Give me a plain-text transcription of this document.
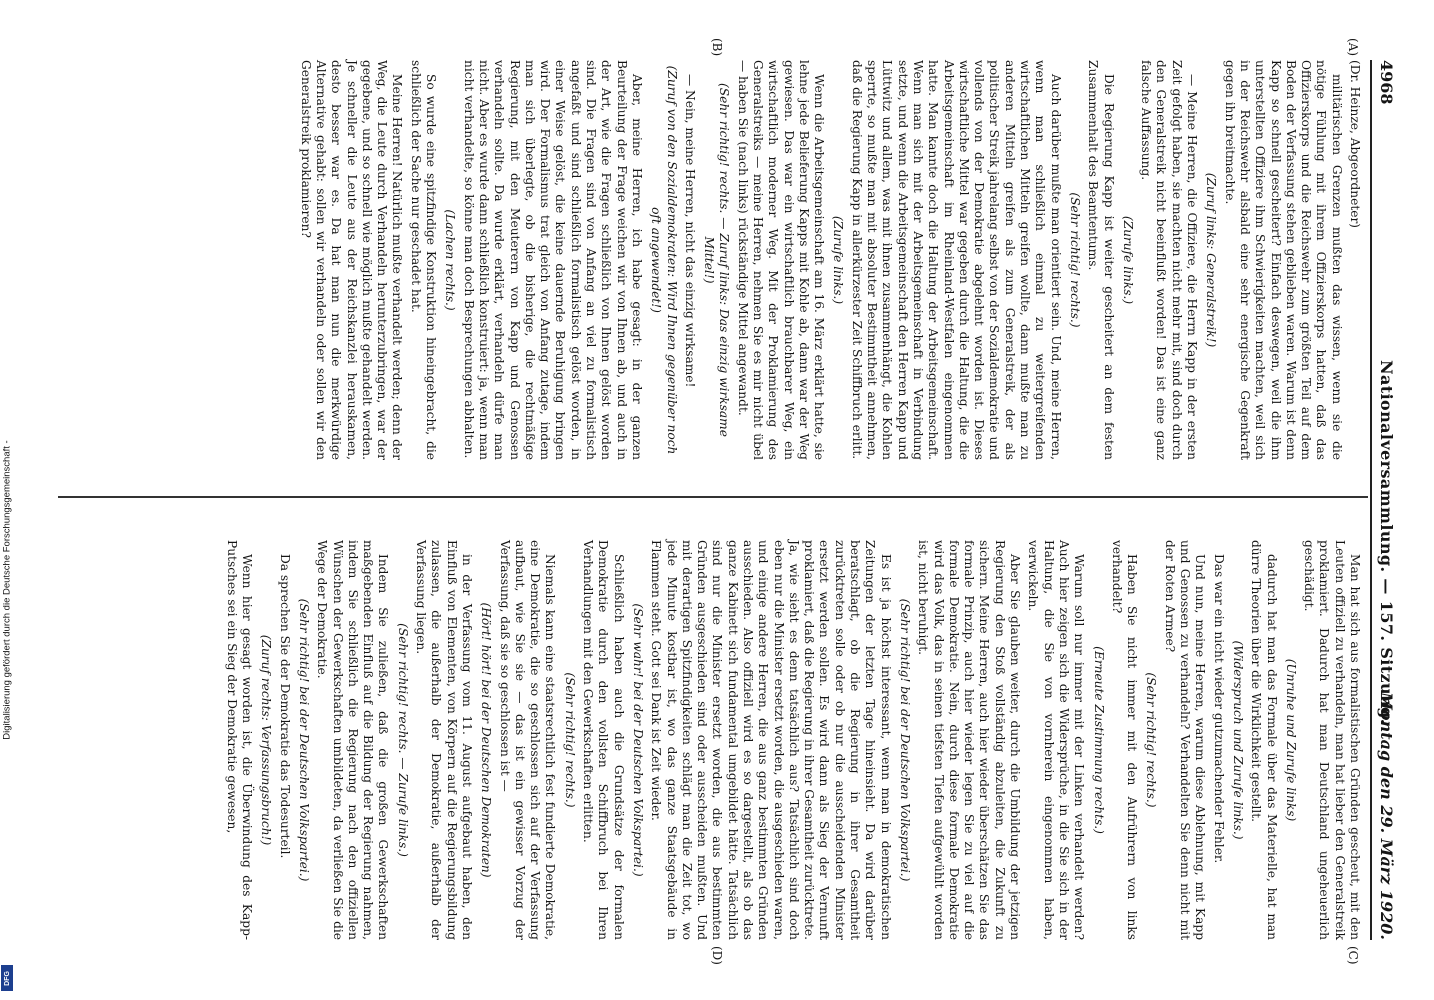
Digitalisierung gefördert durch die Deutsche Forschungsgemeinschaft -
DFG
4968
Nationalversammlung. — 157. Sitzung.
Montag den 29. März 1920.
(A)
(B)
(C)
(D)

(Dr. Heinze, Abgeordneter)

militärischen Grenzen mußten das wissen, wenn sie die nötige Fühlung mit ihrem Offizierskorps hatten, daß das Offizierskorps und die Reichswehr zum größten Teil auf dem Boden der Verfassung stehen geblieben waren. Warum ist denn Kapp so schnell gescheitert? Einfach deswegen, weil die ihm unterstellten Offiziere ihm Schwierigkeiten machten, weil sich in der Reichswehr alsbald eine sehr energische Gegenkraft gegen ihn breitmachte.

(Zuruf links: Generalstreik!)

— Meine Herren, die Offiziere, die Herrn Kapp in der ersten Zeit gefolgt haben, sie machten nicht mehr mit, sind doch durch den Generalstreik nicht beeinflußt worden! Das ist eine ganz falsche Auffassung.

(Zurufe links.)

Die Regierung Kapp ist weiter gescheitert an dem festen Zusammenhalt des Beamtentums.

(Sehr richtig! rechts.)

Auch darüber mußte man orientiert sein. Und, meine Herren, wenn man schließlich einmal zu weitergreifenden wirtschaftlichen Mitteln greifen wollte, dann mußte man zu anderen Mitteln greifen als zum Generalstreik, der als politischer Streik jahrelang selbst von der Sozialdemokratie und vollends von der Demokratie abgelehnt worden ist. Dieses wirtschaftliche Mittel war gegeben durch die Haltung, die die Arbeitsgemeinschaft im Rheinland-Westfalen eingenommen hatte. Man kannte doch die Haltung der Arbeitsgemeinschaft. Wenn man sich mit der Arbeitsgemeinschaft in Verbindung setzte, und wenn die Arbeitsgemeinschaft den Herren Kapp und Lüttwitz und allem, was mit ihnen zusammenhängt, die Kohlen sperrte, so mußte man mit absoluter Bestimmtheit annehmen, daß die Regierung Kapp in allerkürzester Zeit Schiffbruch erlitt.

(Zurufe links.)

Wenn die Arbeitsgemeinschaft am 16. März erklärt hatte, sie lehne jede Belieferung Kapps mit Kohle ab, dann war der Weg gewiesen. Das war ein wirtschaftlich brauchbarer Weg, ein wirtschaftlich moderner Weg. Mit der Proklamierung des Generalstreiks — meine Herren, nehmen Sie es mir nicht übel — haben Sie (nach links) rückständige Mittel angewandt.

(Sehr richtig! rechts. — Zuruf links: Das einzig wirksame Mittel!)

— Nein, meine Herren, nicht das einzig wirksame!

(Zuruf von den Sozialdemokraten: Wird Ihnen gegenüber noch oft angewendet!)

Aber, meine Herren, ich habe gesagt: in der ganzen Beurteilung der Frage weichen wir von Ihnen ab, und auch in der Art, wie die Fragen schließlich von Ihnen gelöst worden sind. Die Fragen sind von Anfang an viel zu formalistisch angefaßt und sind schließlich formalistisch gelöst worden, in einer Weise gelöst, die keine dauernde Beruhigung bringen wird. Der Formalismus trat gleich von Anfang zutage, indem man sich überlegte, ob die bisherige, die rechtmäßige Regierung, mit den Meuterern von Kapp und Genossen verhandeln sollte. Da wurde erklärt, verhandeln dürfe man nicht. Aber es wurde dann schließlich konstruiert: ja, wenn man nicht verhandelte, so könne man doch Besprechungen abhalten.

(Lachen rechts.)

So wurde eine spitzfindige Konstruktion hineingebracht, die schließlich der Sache nur geschadet hat.

Meine Herren! Natürlich mußte verhandelt werden; denn der Weg, die Leute durch Verhandeln herunterzubringen, war der gegebene, und so schnell wie möglich mußte gehandelt werden. Je schneller die Leute aus der Reichskanzlei herauskamen, desto besser war es. Da hat man nun die merkwürdige Alternative gehabt: sollen wir verhandeln oder sollen wir den Generalstreik proklamieren?

Man hat sich aus formalistischen Gründen gescheut, mit den Leuten offiziell zu verhandeln, man hat lieber den Generalstreik proklamiert. Dadurch hat man Deutschland ungeheuerlich geschädigt.

(Unruhe und Zurufe links)

dadurch hat man das Formale über das Materielle, hat man dürre Theorien über die Wirklichkeit gestellt.

(Widerspruch und Zurufe links.)

Das war ein nicht wieder gutzumachender Fehler.

Und nun, meine Herren, warum diese Ablehnung, mit Kapp und Genossen zu verhandeln? Verhandelten Sie denn nicht mit der Roten Armee?

(Sehr richtig! rechts.)

Haben Sie nicht immer mit den Aufrührern von links verhandelt?

(Erneute Zustimmung rechts.)

Warum soll nur immer mit der Linken verhandelt werden? Auch hier zeigen sich die Widersprüche, in die Sie sich in der Haltung, die Sie von vornherein eingenommen haben, verwickeln.

Aber Sie glauben weiter, durch die Umbildung der jetzigen Regierung den Stoß vollständig abzuleiten, die Zukunft zu sichern. Meine Herren, auch hier wieder überschätzen Sie das formale Prinzip, auch hier wieder legen Sie zu viel auf die formale Demokratie. Nein, durch diese formale Demokratie wird das Volk, das in seinen tiefsten Tiefen aufgewühlt worden ist, nicht beruhigt.

(Sehr richtig! bei der Deutschen Volkspartei.)

Es ist ja höchst interessant, wenn man in demokratischen Zeitungen der letzten Tage hineinsieht. Da wird darüber beratschlagt, ob die Regierung in ihrer Gesamtheit zurücktreten solle oder ob nur die ausscheidenden Minister ersetzt werden sollen. Es wird dann als Sieg der Vernunft proklamiert, daß die Regierung in ihrer Gesamtheit zurücktrete. Ja, wie sieht es denn tatsächlich aus? Tatsächlich sind doch eben nur die Minister ersetzt worden, die ausgeschieden waren, und einige andere Herren, die aus ganz bestimmten Gründen ausschieden. Also offiziell wird es so dargestellt, als ob das ganze Kabinett sich fundamental umgebildet hätte. Tatsächlich sind nur die Minister ersetzt worden, die aus bestimmten Gründen ausgeschieden sind oder ausscheiden mußten. Und mit derartigen Spitzfindigkeiten schlägt man die Zeit tot, wo jede Minute kostbar ist, wo das ganze Staatsgebäude in Flammen steht. Gott sei Dank ist Zeit wieder.

(Sehr wahr! bei der Deutschen Volkspartei.)

Schließlich haben auch die Grundsätze der formalen Demokratie durch den vollsten Schiffbruch bei Ihren Verhandlungen mit den Gewerkschaften erlitten.

(Sehr richtig! rechts.)

Niemals kann eine staatsrechtlich fest fundierte Demokratie, eine Demokratie, die so geschlossen sich auf der Verfassung aufbaut, wie Sie sie — das ist ein gewisser Vorzug der Verfassung, daß sie so geschlossen ist —

(Hört! hört! bei der Deutschen Demokraten)

in der Verfassung vom 11. August aufgebaut haben, den Einfluß von Elementen, von Körpern auf die Regierungsbildung zulassen, die außerhalb der Demokratie, außerhalb der Verfassung liegen.

(Sehr richtig! rechts. — Zurufe links.)

Indem Sie zuließen, daß die großen Gewerkschaften maßgebenden Einfluß auf die Bildung der Regierung nahmen, indem Sie schließlich die Regierung nach den offiziellen Wünschen der Gewerkschaften umbildeten, da verließen Sie die Wege der Demokratie.

(Sehr richtig! bei der Deutschen Volkspartei.)

Da sprechen Sie der Demokratie das Todesurteil.

(Zuruf rechts: Verfassungsbruch!)

Wenn hier gesagt worden ist, die Überwindung des Kapp-Putsches sei ein Sieg der Demokratie gewesen,
